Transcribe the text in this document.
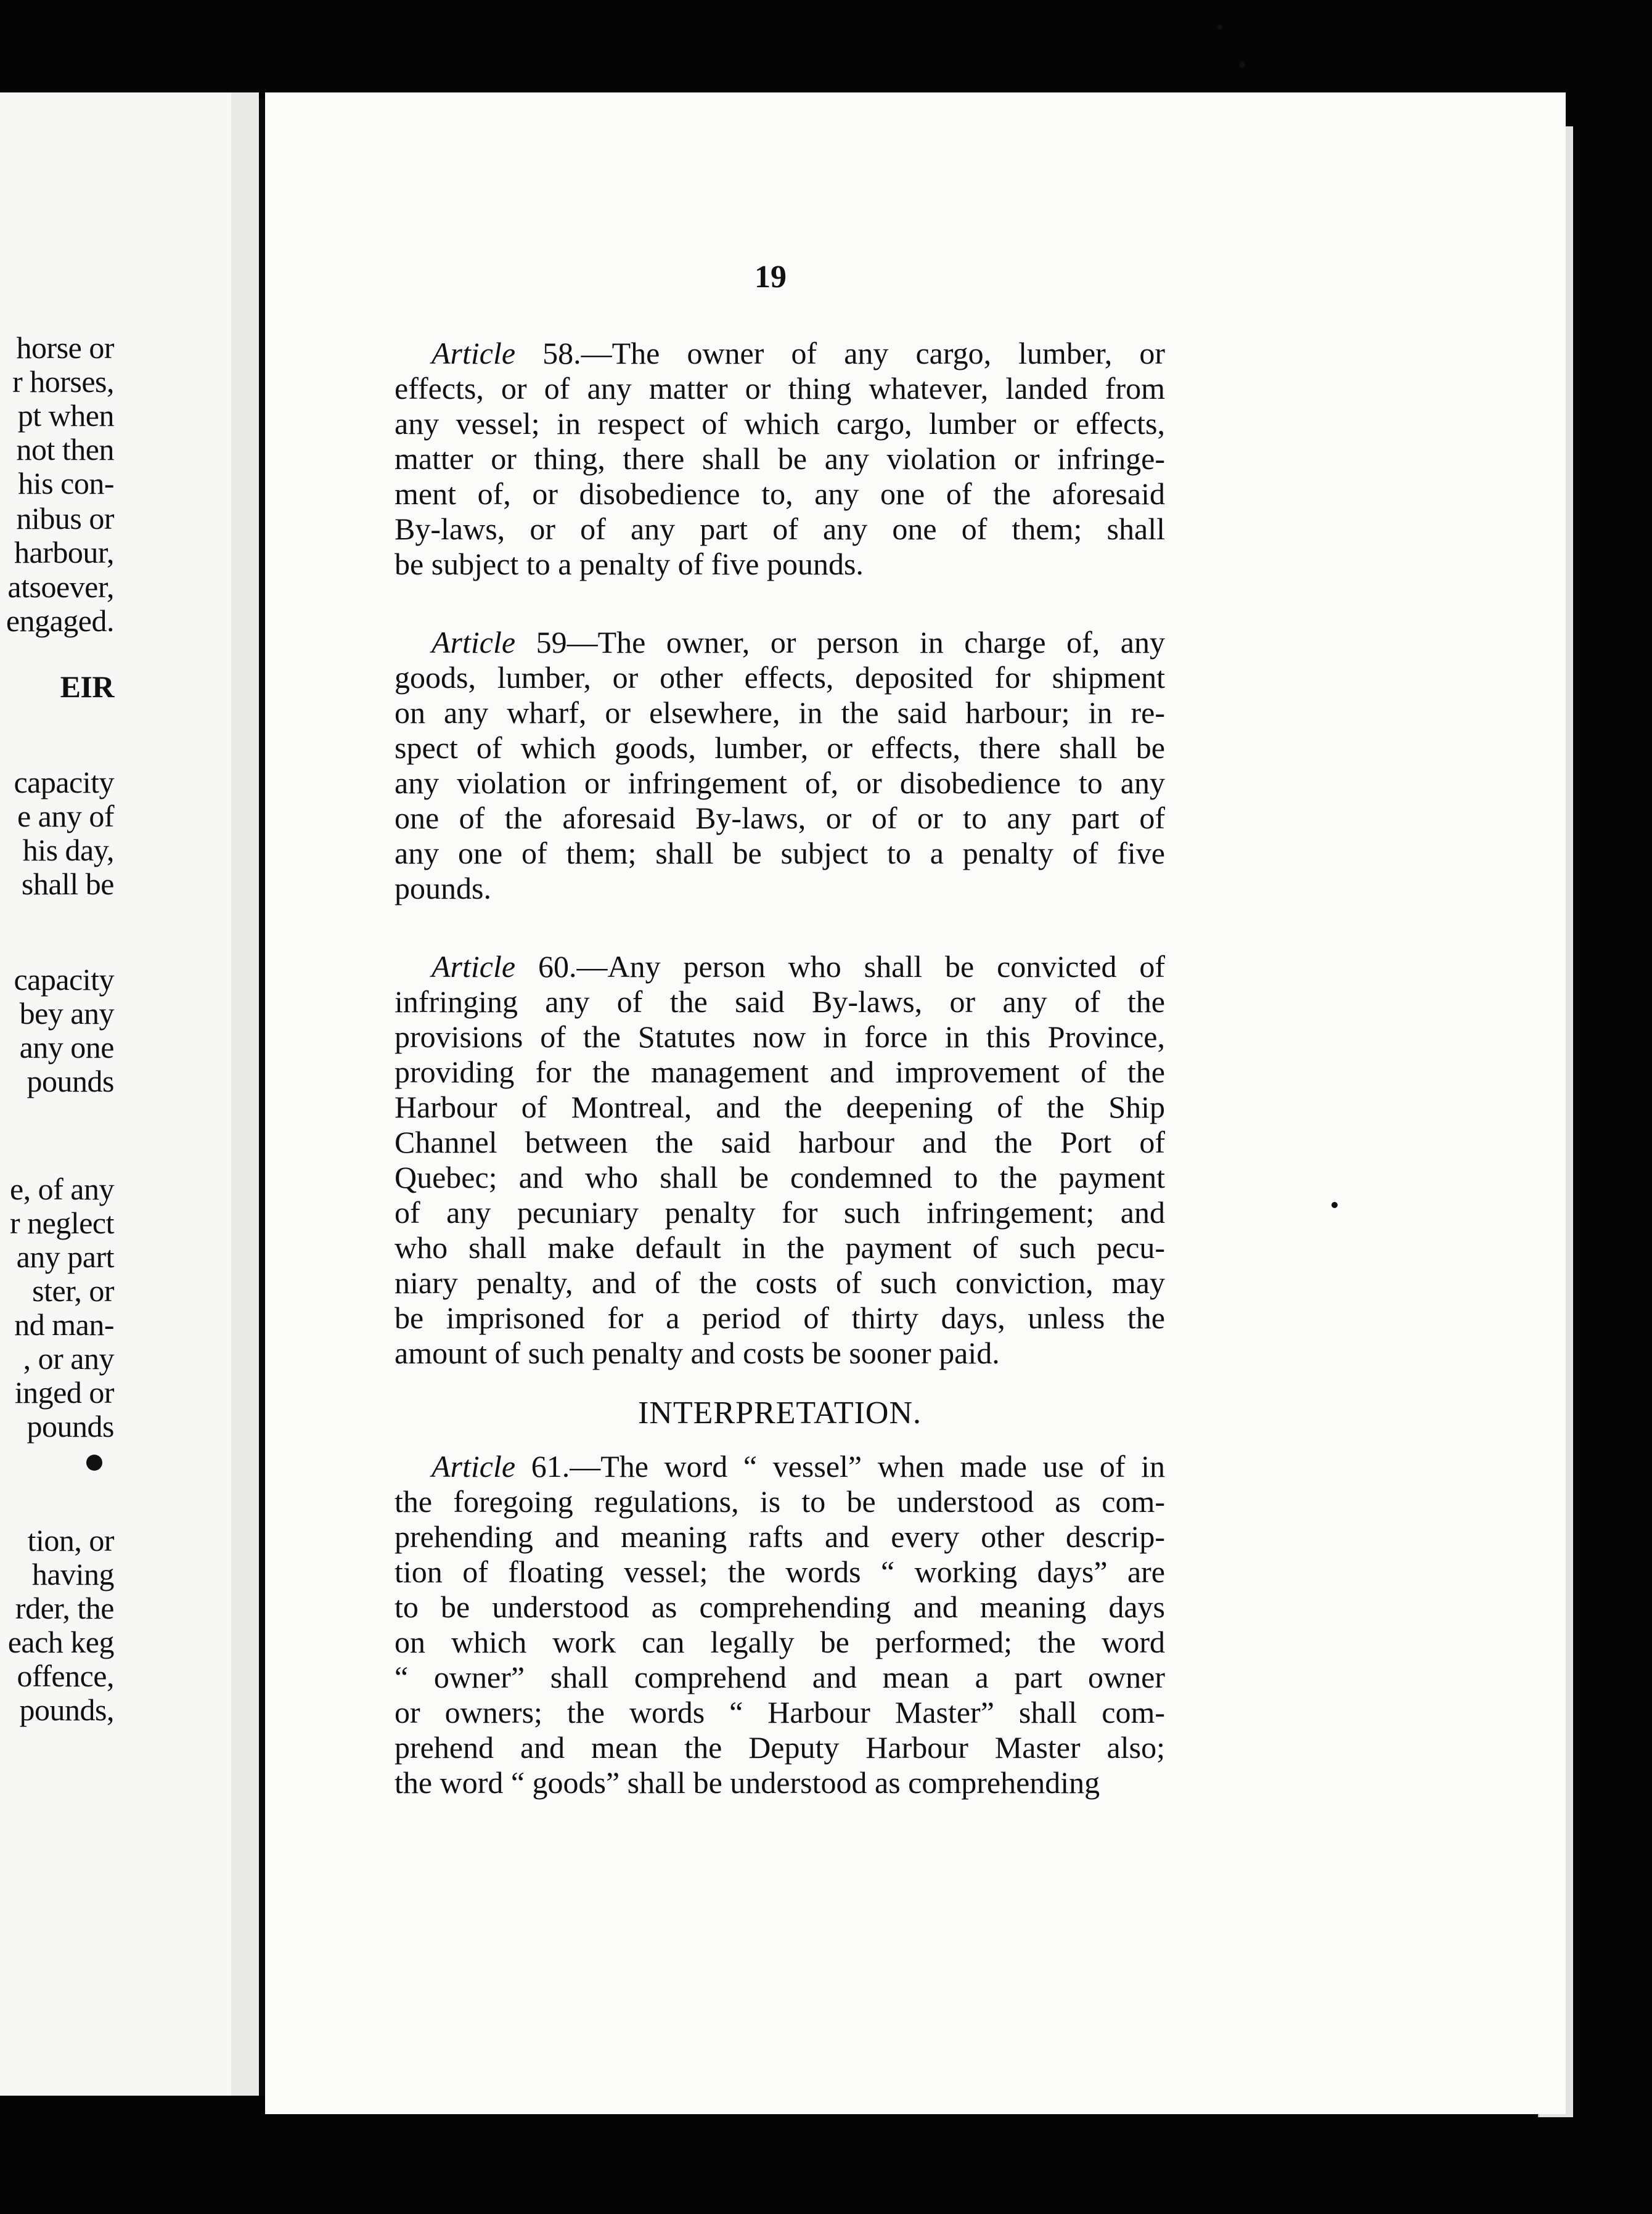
horse or
r horses,
pt when
not then
his con-
nibus or
harbour,
atsoever,
engaged.
EIR
capacity
e any of
his day,
shall be
capacity
bey any
any one
pounds
e, of any
r neglect
any part
ster, or
nd man-
, or any
inged or
pounds
tion, or
having
rder, the
each keg
offence,
pounds,
19
Article 58.—The owner of any cargo, lumber, or
effects, or of any matter or thing whatever, landed from
any vessel; in respect of which cargo, lumber or effects,
matter or thing, there shall be any violation or infringe-
ment of, or disobedience to, any one of the aforesaid
By-laws, or of any part of any one of them; shall
be subject to a penalty of five pounds.
Article 59—The owner, or person in charge of, any
goods, lumber, or other effects, deposited for shipment
on any wharf, or elsewhere, in the said harbour; in re-
spect of which goods, lumber, or effects, there shall be
any violation or infringement of, or disobedience to any
one of the aforesaid By-laws, or of or to any part of
any one of them; shall be subject to a penalty of five
pounds.
Article 60.—Any person who shall be convicted of
infringing any of the said By-laws, or any of the
provisions of the Statutes now in force in this Province,
providing for the management and improvement of the
Harbour of Montreal, and the deepening of the Ship
Channel between the said harbour and the Port of
Quebec; and who shall be condemned to the payment
of any pecuniary penalty for such infringement; and
who shall make default in the payment of such pecu-
niary penalty, and of the costs of such conviction, may
be imprisoned for a period of thirty days, unless the
amount of such penalty and costs be sooner paid.
INTERPRETATION.
Article 61.—The word “ vessel” when made use of in
the foregoing regulations, is to be understood as com-
prehending and meaning rafts and every other descrip-
tion of floating vessel; the words “ working days” are
to be understood as comprehending and meaning days
on which work can legally be performed; the word
“ owner” shall comprehend and mean a part owner
or owners; the words “ Harbour Master” shall com-
prehend and mean the Deputy Harbour Master also;
the word “ goods” shall be understood as comprehending
